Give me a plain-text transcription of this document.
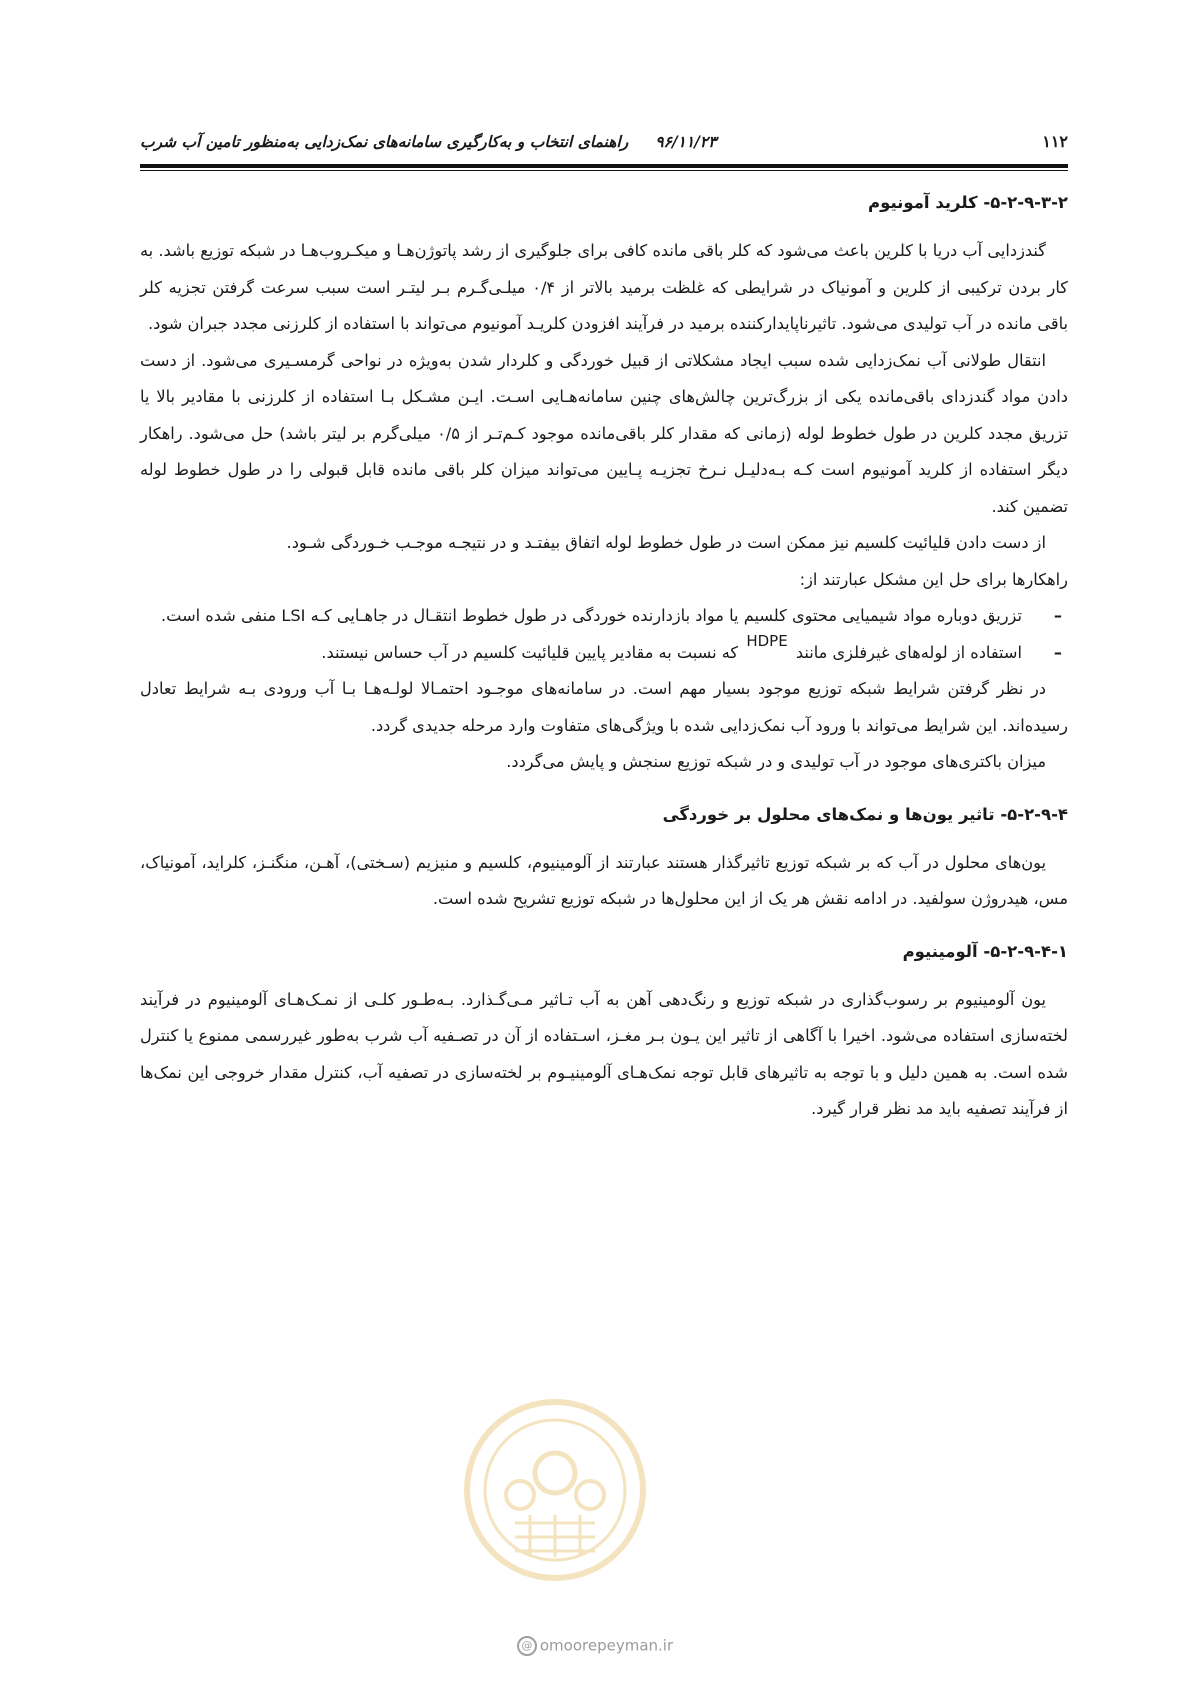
۹۶/۱۱/۲۳     راهنمای انتخاب و به‌کارگیری سامانه‌های نمک‌زدایی به‌منظور تامین آب شرب	۱۱۲
۵-۲-۹-۳-۲- کلرید آمونیوم

گندزدایی آب دریا با کلرین باعث می‌شود که کلر باقی مانده کافی برای جلوگیری از رشد پاتوژن‌هـا و میکـروب‌هـا در شبکه توزیع باشد. به کار بردن ترکیبی از کلرین و آمونیاک در شرایطی که غلظت برمید بالاتر از ۰/۴ میلـی‌گـرم بـر لیتـر است سبب سرعت گرفتن تجزیه کلر باقی مانده در آب تولیدی می‌شود. تاثیرناپایدارکننده برمید در فرآیند افزودن کلریـد آمونیوم می‌تواند با استفاده از کلرزنی مجدد جبران شود.

انتقال طولانی آب نمک‌زدایی شده سبب ایجاد مشکلاتی از قبیل خوردگی و کلردار شدن به‌ویژه در نواحی گرمسـیری می‌شود. از دست دادن مواد گندزدای باقی‌مانده یکی از بزرگ‌ترین چالش‌های چنین سامانه‌هـایی اسـت. ایـن مشـکل بـا استفاده از کلرزنی با مقادیر بالا یا تزریق مجدد کلرین در طول خطوط لوله (زمانی که مقدار کلر باقی‌مانده موجود کـم‌تـر از ۰/۵ میلی‌گرم بر لیتر باشد) حل می‌شود. راهکار دیگر استفاده از کلرید آمونیوم است کـه بـه‌دلیـل نـرخ تجزیـه پـایین می‌تواند میزان کلر باقی مانده قابل قبولی را در طول خطوط لوله تضمین کند.

از دست دادن قلیائیت کلسیم نیز ممکن است در طول خطوط لوله اتفاق بیفتـد و در نتیجـه موجـب خـوردگی شـود.

راهکارها برای حل این مشکل عبارتند از:

–
تزریق دوباره مواد شیمیایی محتوی کلسیم یا مواد بازدارنده خوردگی در طول خطوط انتقـال در جاهـایی کـه LSI منفی شده است.
–
استفاده از لوله‌های غیرفلزی مانند HDPE که نسبت به مقادیر پایین قلیائیت کلسیم در آب حساس نیستند.

در نظر گرفتن شرایط شبکه توزیع موجود بسیار مهم است. در سامانه‌های موجـود احتمـالا لولـه‌هـا بـا آب ورودی بـه شرایط تعادل رسیده‌اند. این شرایط می‌تواند با ورود آب نمک‌زدایی شده با ویژگی‌های متفاوت وارد مرحله جدیدی گردد.

میزان باکتری‌های موجود در آب تولیدی و در شبکه توزیع سنجش و پایش می‌گردد.

۵-۲-۹-۴- تاثیر یون‌ها و نمک‌های محلول بر خوردگی

یون‌های محلول در آب که بر شبکه توزیع تاثیرگذار هستند عبارتند از آلومینیوم، کلسیم و منیزیم (سـختی)، آهـن، منگنـز، کلراید، آمونیاک، مس، هیدروژن سولفید. در ادامه نقش هر یک از این محلول‌ها در شبکه توزیع تشریح شده است.

۵-۲-۹-۴-۱- آلومینیوم

یون آلومینیوم بر رسوب‌گذاری در شبکه توزیع و رنگ‌دهی آهن به آب تـاثیر مـی‌گـذارد. بـه‌طـور کلـی از نمـک‌هـای آلومینیوم در فرآیند لخته‌سازی استفاده می‌شود. اخیرا با آگاهی از تاثیر این یـون بـر مغـز، اسـتفاده از آن در تصـفیه آب شرب به‌طور غیررسمی ممنوع یا کنترل شده است. به همین دلیل و با توجه به تاثیرهای قابل توجه نمک‌هـای آلومینیـوم بر لخته‌سازی در تصفیه آب، کنترل مقدار خروجی این نمک‌ها از فرآیند تصفیه باید مد نظر قرار گیرد.

@ omoorepeyman.ir
